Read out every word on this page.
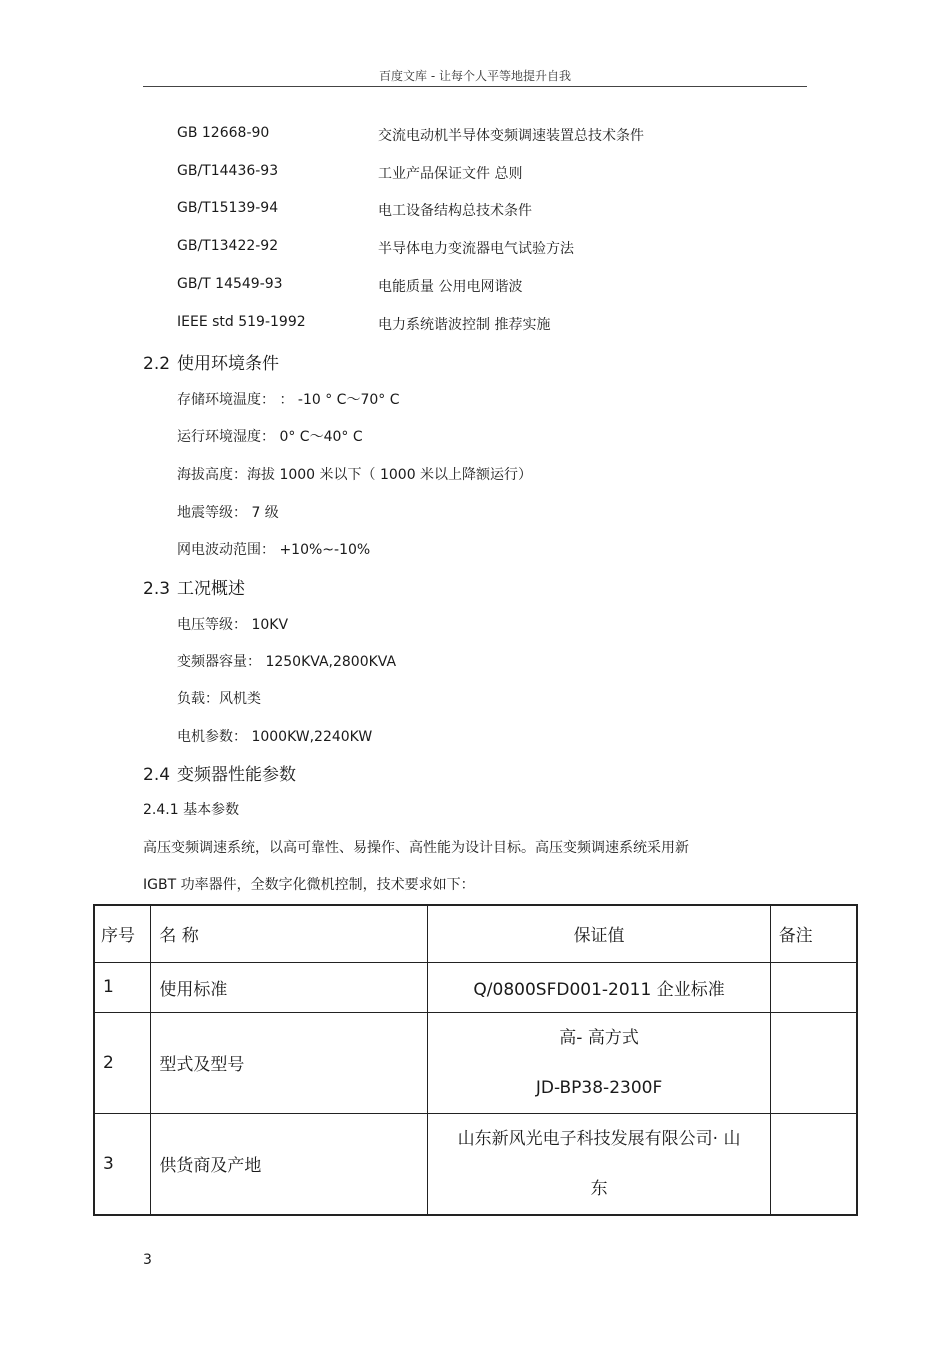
百度文库 - 让每个人平等地提升自我
GB 12668-90	交流电动机半导体变频调速装置总技术条件
GB/T14436-93	工业产品保证文件 总则
GB/T15139-94	电工设备结构总技术条件
GB/T13422-92	半导体电力变流器电气试验方法
GB/T 14549-93	电能质量 公用电网谐波
IEEE std 519-1992	电力系统谐波控制 推荐实施
2.2 使用环境条件
存储环境温度： ： -10 ° C～70° C
运行环境湿度： 0° C～40° C
海拔高度：海拔 1000 米以下（ 1000 米以上降额运行）
地震等级： 7 级
网电波动范围： +10%~-10%
2.3 工况概述
电压等级： 10KV
变频器容量： 1250KVA,2800KVA
负载：风机类
电机参数： 1000KW,2240KW
2.4 变频器性能参数
2.4.1 基本参数
高压变频调速系统，以高可靠性、易操作、高性能为设计目标。高压变频调速系统采用新
IGBT 功率器件，全数字化微机控制，技术要求如下：
序号	名 称	保证值	备注
1	使用标准	Q/0800SFD001-2011 企业标准	
2	型式及型号	高- 高方式
JD-BP38-2300F	

3	供货商及产地	山东新风光电子科技发展有限公司· 山
东	

3
